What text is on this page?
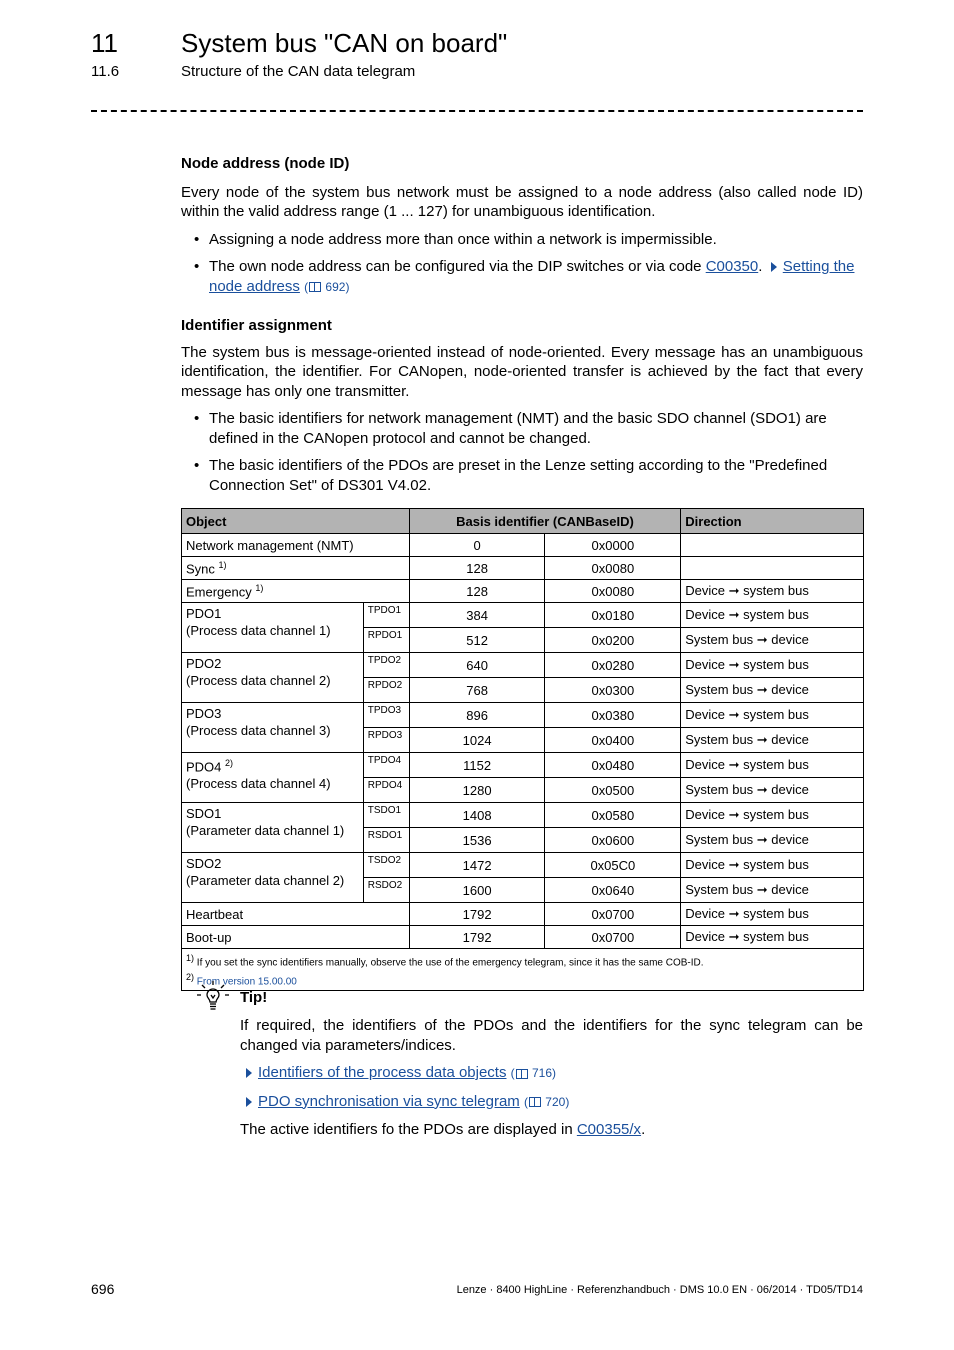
11 System bus "CAN on board"
11.6	Structure of the CAN data telegram
Node address (node ID)

Every node of the system bus network must be assigned to a node address (also called node ID) within the valid address range (1 ... 127) for unambiguous identification.

• Assigning a node address more than once within a network is impermissible.
• The own node address can be configured via the DIP switches or via code C00350. Setting the node address ( 692)
Identifier assignment

The system bus is message-oriented instead of node-oriented. Every message has an unambiguous identification, the identifier. For CANopen, node-oriented transfer is achieved by the fact that every message has only one transmitter.

• The basic identifiers for network management (NMT) and the basic SDO channel (SDO1) are defined in the CANopen protocol and cannot be changed.
• The basic identifiers of the PDOs are preset in the Lenze setting according to the "Predefined Connection Set" of DS301 V4.02.
Object		Basis identifier (CANBaseID)		Direction
Network management (NMT)		0	0x0000	
Sync $^{1)}$		128	0x0080	
Emergency $^{1)}$		128	0x0080	Device ➞ system bus
PDO1
(Process data channel 1)	TPDO1	384	0x0180	Device ➞ system bus
	RPDO1	512	0x0200	System bus ➞ device
PDO2
(Process data channel 2)	TPDO2	640	0x0280	Device ➞ system bus
	RPDO2	768	0x0300	System bus ➞ device
PDO3
(Process data channel 3)	TPDO3	896	0x0380	Device ➞ system bus
	RPDO3	1024	0x0400	System bus ➞ device
PDO4 $^{2)}$
(Process data channel 4)	TPDO4	1152	0x0480	Device ➞ system bus
	RPDO4	1280	0x0500	System bus ➞ device
SDO1
(Parameter data channel 1)	TSDO1	1408	0x0580	Device ➞ system bus
	RSDO1	1536	0x0600	System bus ➞ device
SDO2
(Parameter data channel 2)	TSDO2	1472	0x05C0	Device ➞ system bus
	RSDO2	1600	0x0640	System bus ➞ device
Heartbeat		1792	0x0700	Device ➞ system bus
Boot-up		1792	0x0700	Device ➞ system bus

$^{1)}$ If you set the sync identifiers manually, observe the use of the emergency telegram, since it has the same COB-ID.
$^{2)}$ From version 15.00.00				
Tip!

If required, the identifiers of the PDOs and the identifiers for the sync telegram can be changed via parameters/indices.

Identifiers of the process data objects ( 716)
PDO synchronisation via sync telegram ( 720)
The active identifiers fo the PDOs are displayed in C00355/x.
696	Lenze · 8400 HighLine · Referenzhandbuch · DMS 10.0 EN · 06/2014 · TD05/TD14
